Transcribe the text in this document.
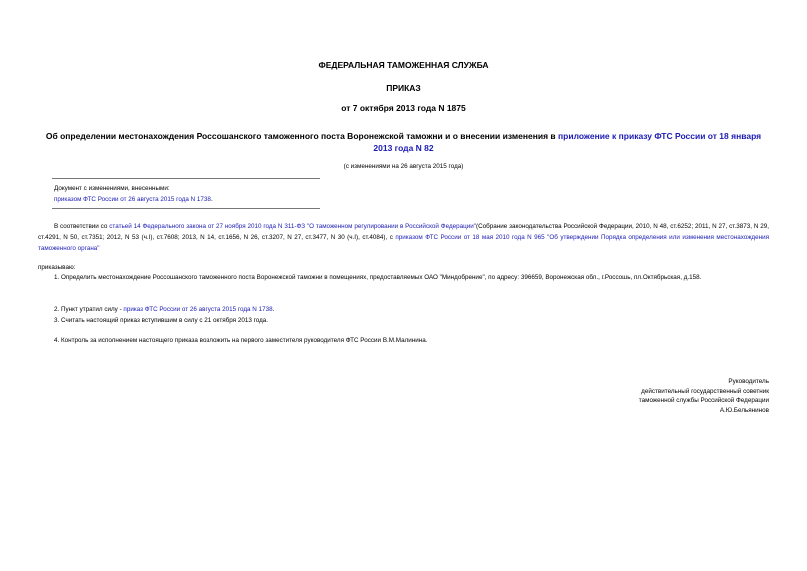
ФЕДЕРАЛЬНАЯ ТАМОЖЕННАЯ СЛУЖБА
ПРИКАЗ
от 7 октября 2013 года N 1875
Об определении местонахождения Россошанского таможенного поста Воронежской таможни и о внесении изменения в приложение к приказу ФТС России от 18 января 2013 года N 82
(с изменениями на 26 августа 2015 года)
Документ с изменениями, внесенными:
приказом ФТС России от 26 августа 2015 года N 1738.
В соответствии со статьей 14 Федерального закона от 27 ноября 2010 года N 311-ФЗ "О таможенном регулировании в Российской Федерации"(Собрание законодательства Российской Федерации, 2010, N 48, ст.6252; 2011, N 27, ст.3873, N 29, ст.4291, N 50, ст.7351; 2012, N 53 (ч.I), ст.7608; 2013, N 14, ст.1656, N 26, ст.3207, N 27, ст.3477, N 30 (ч.I), ст.4084), с приказом ФТС России от 18 мая 2010 года N 965 "Об утверждении Порядка определения или изменения местонахождения таможенного органа"
приказываю:
1. Определить местонахождение Россошанского таможенного поста Воронежской таможни в помещениях, предоставляемых ОАО "Миндобрение", по адресу: 396659, Воронежская обл., г.Россошь, пл.Октябрьская, д.158.
2. Пункт утратил силу - приказ ФТС России от 26 августа 2015 года N 1738.
3. Считать настоящий приказ вступившим в силу с 21 октября 2013 года.
4. Контроль за исполнением настоящего приказа возложить на первого заместителя руководителя ФТС России В.М.Малинина.
Руководитель
действительный государственный советник
таможенной службы Российской Федерации
А.Ю.Бельянинов
